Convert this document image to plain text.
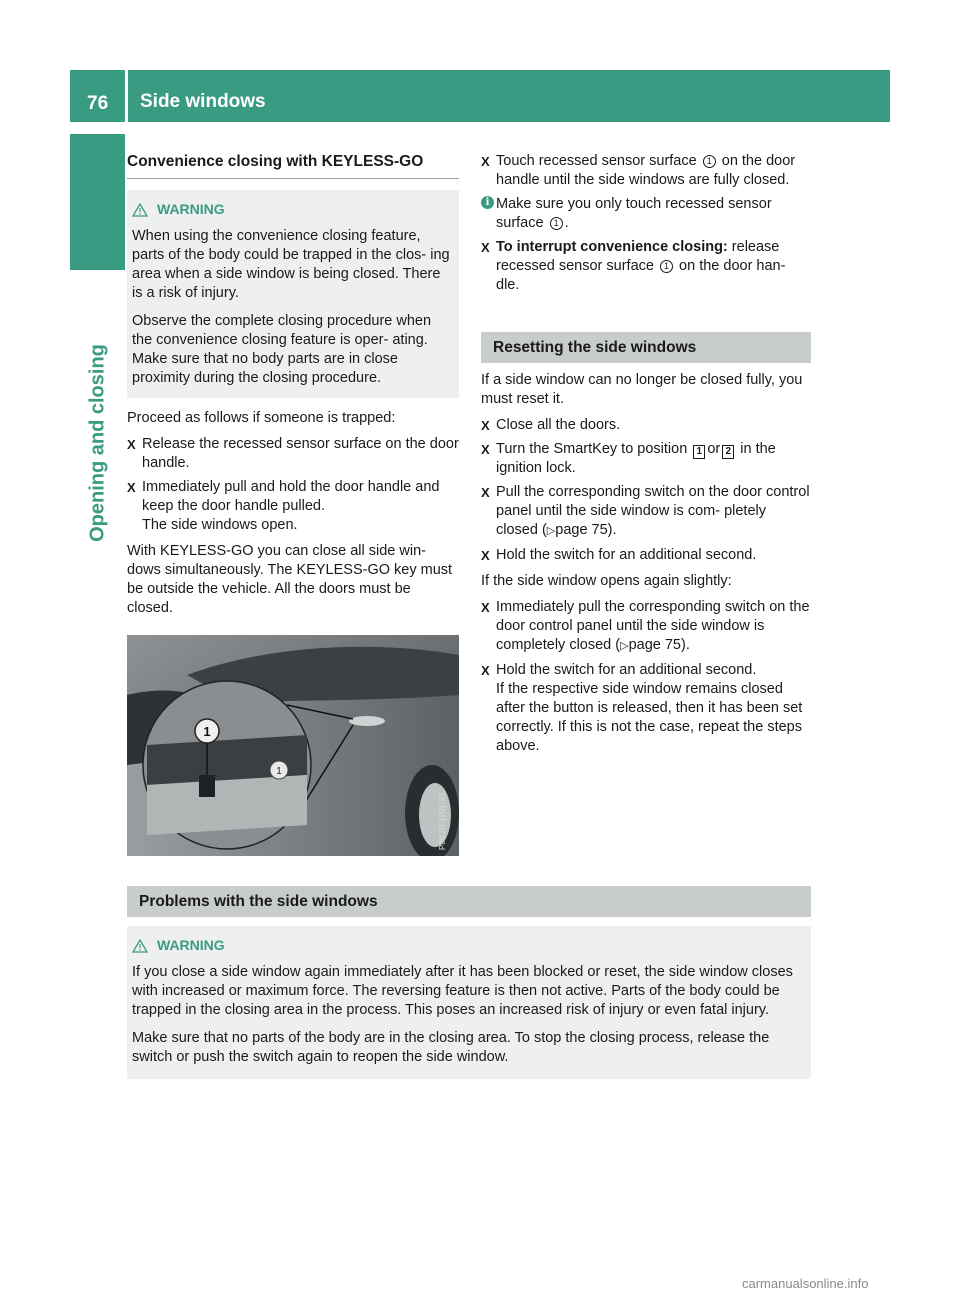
76	Side windows
Opening and closing
Convenience closing with KEYLESS-GO
WARNING

When using the convenience closing feature, parts of the body could be trapped in the clos- ing area when a side window is being closed. There is a risk of injury.

Observe the complete closing procedure when the convenience closing feature is oper- ating. Make sure that no body parts are in close proximity during the closing procedure.

Proceed as follows if someone is trapped:

X Release the recessed sensor surface on the door handle.
X Immediately pull and hold the door handle and keep the door handle pulled.
The side windows open.

With KEYLESS-GO you can close all side win- dows simultaneously. The KEYLESS-GO key must be outside the vehicle. All the doors must be closed.

1
1
P88.20-1201-31
X Touch recessed sensor surface 1 on the door handle until the side windows are fully closed.
i Make sure you only touch recessed sensor surface 1 .
X To interrupt convenience closing: release recessed sensor surface 1 on the door han- dle.
Resetting the side windows

If a side window can no longer be closed fully, you must reset it.

X Close all the doors.
X Turn the SmartKey to position 1 or 2 in the ignition lock.
X Pull the corresponding switch on the door control panel until the side window is com- pletely closed (▷page 75).
X Hold the switch for an additional second.

If the side window opens again slightly:

X Immediately pull the corresponding switch on the door control panel until the side window is completely closed (▷page 75).
X Hold the switch for an additional second.
If the respective side window remains closed after the button is released, then it has been set correctly. If this is not the case, repeat the steps above.
Problems with the side windows
WARNING

If you close a side window again immediately after it has been blocked or reset, the side window closes with increased or maximum force. The reversing feature is then not active. Parts of the body could be trapped in the closing area in the process. This poses an increased risk of injury or even fatal injury.

Make sure that no parts of the body are in the closing area. To stop the closing process, release the switch or push the switch again to reopen the side window.

carmanualsonline.info
